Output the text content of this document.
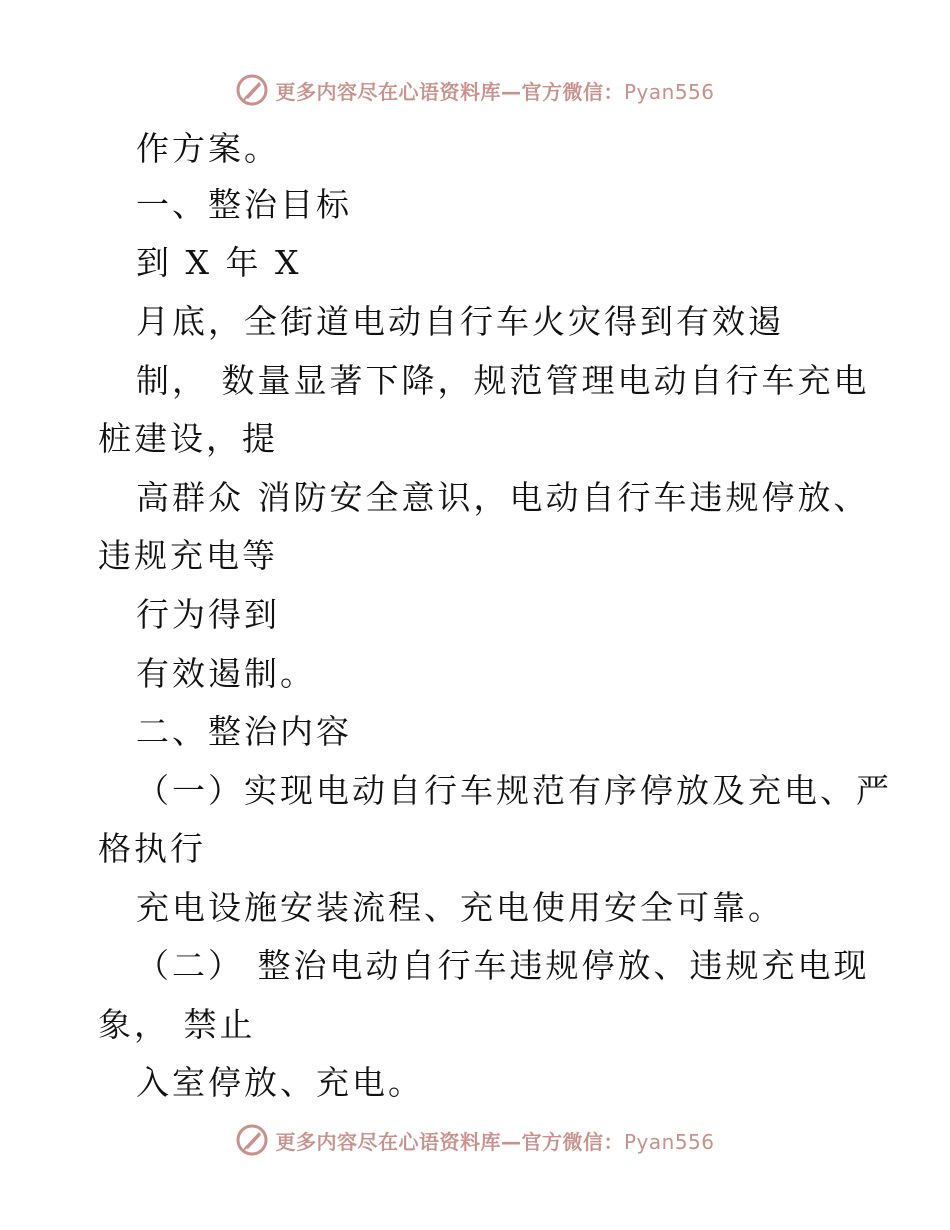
更多内容尽在心语资料库—官方微信：Pyan556
作方案。
一、整治目标
到 X 年 X
月底，全街道电动自行车火灾得到有效遏
制， 数量显著下降，规范管理电动自行车充电
桩建设，提
高群众 消防安全意识，电动自行车违规停放、
违规充电等
行为得到
有效遏制。
二、整治内容
（一）实现电动自行车规范有序停放及充电、严
格执行
充电设施安装流程、充电使用安全可靠。
（二） 整治电动自行车违规停放、违规充电现
象， 禁止
入室停放、充电。
更多内容尽在心语资料库—官方微信：Pyan556
